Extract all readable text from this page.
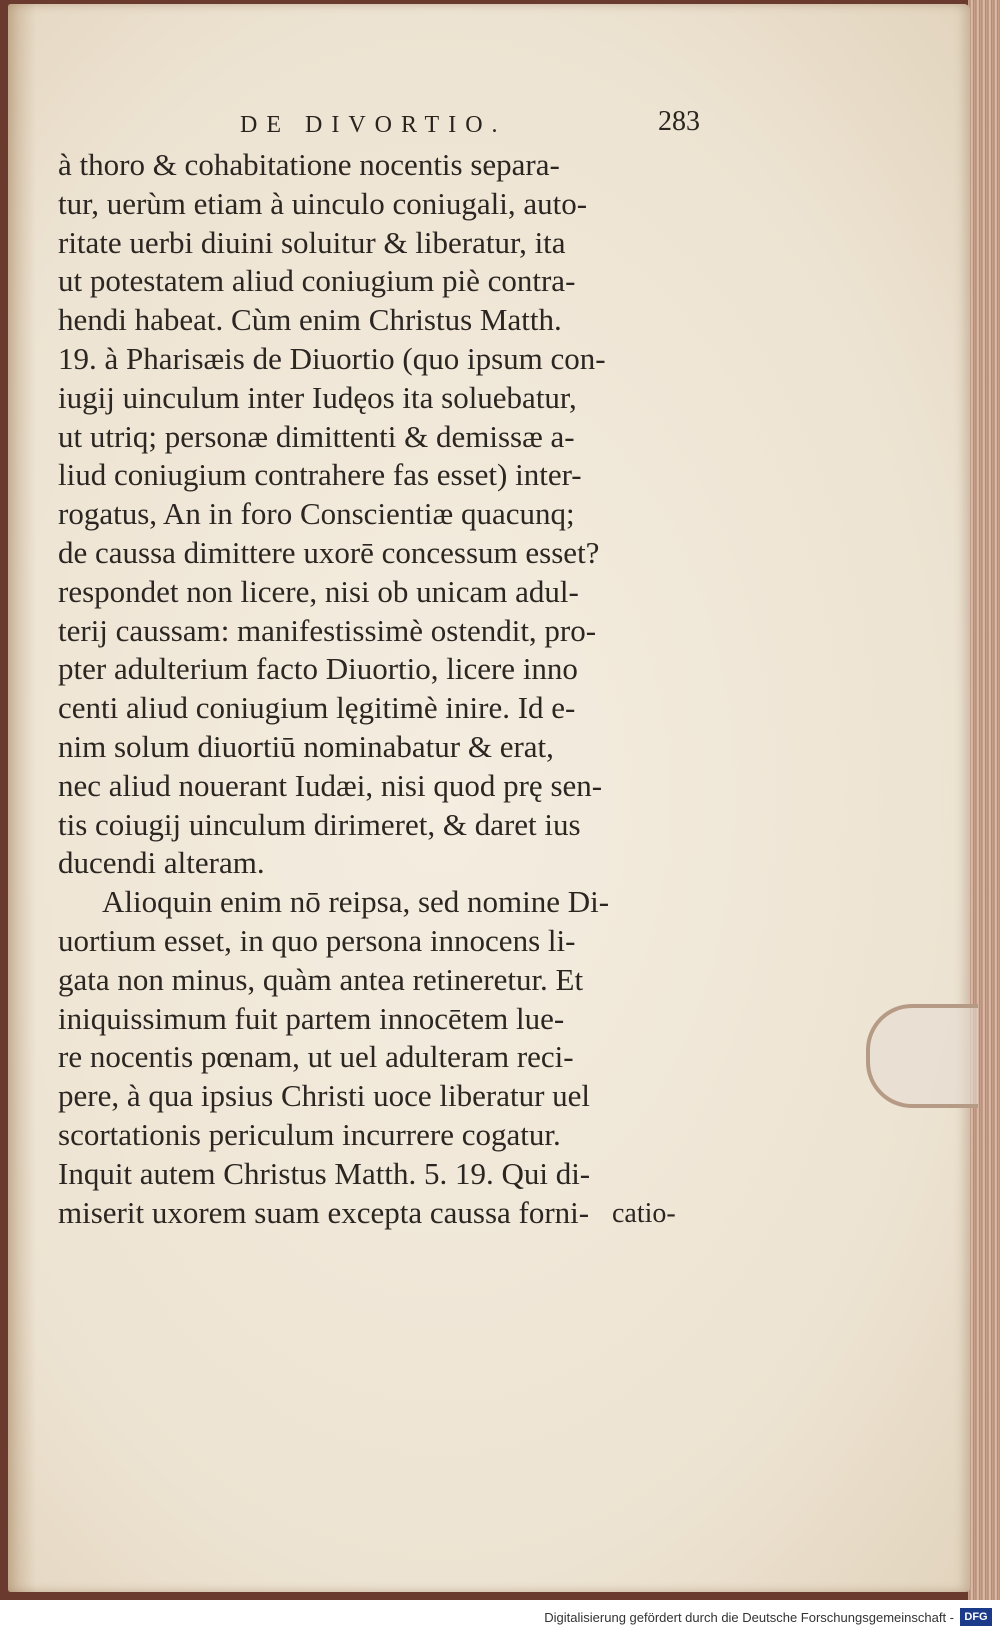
DE DIVORTIO.	283
à thoro & cohabitatione nocentis separa-
tur, uerùm etiam à uinculo coniugali, auto-
ritate uerbi diuini soluitur & liberatur, ita
ut potestatem aliud coniugium piè contra-
hendi habeat. Cùm enim Christus Matth.
19. à Pharisæis de Diuortio (quo ipsum con-
iugij uinculum inter Iudęos ita soluebatur,
ut utriq; personæ dimittenti & demissæ a-
liud coniugium contrahere fas esset) inter-
rogatus, An in foro Conscientiæ quacunq;
de caussa dimittere uxorē concessum esset?
respondet non licere, nisi ob unicam adul-
terij caussam: manifestissimè ostendit, pro-
pter adulterium facto Diuortio, licere inno
centi aliud coniugium lęgitimè inire. Id e-
nim solum diuortiū nominabatur & erat,
nec aliud nouerant Iudæi, nisi quod prę sen-
tis coiugij uinculum dirimeret, & daret ius
ducendi alteram.
Alioquin enim nō reipsa, sed nomine Di-
uortium esset, in quo persona innocens li-
gata non minus, quàm antea retineretur. Et
iniquissimum fuit partem innocētem lue-
re nocentis pœnam, ut uel adulteram reci-
pere, à qua ipsius Christi uoce liberatur uel
scortationis periculum incurrere cogatur.
Inquit autem Christus Matth. 5. 19. Qui di-
miserit uxorem suam excepta caussa forni- catio-
Digitalisierung gefördert durch die Deutsche Forschungsgemeinschaft - DFG
